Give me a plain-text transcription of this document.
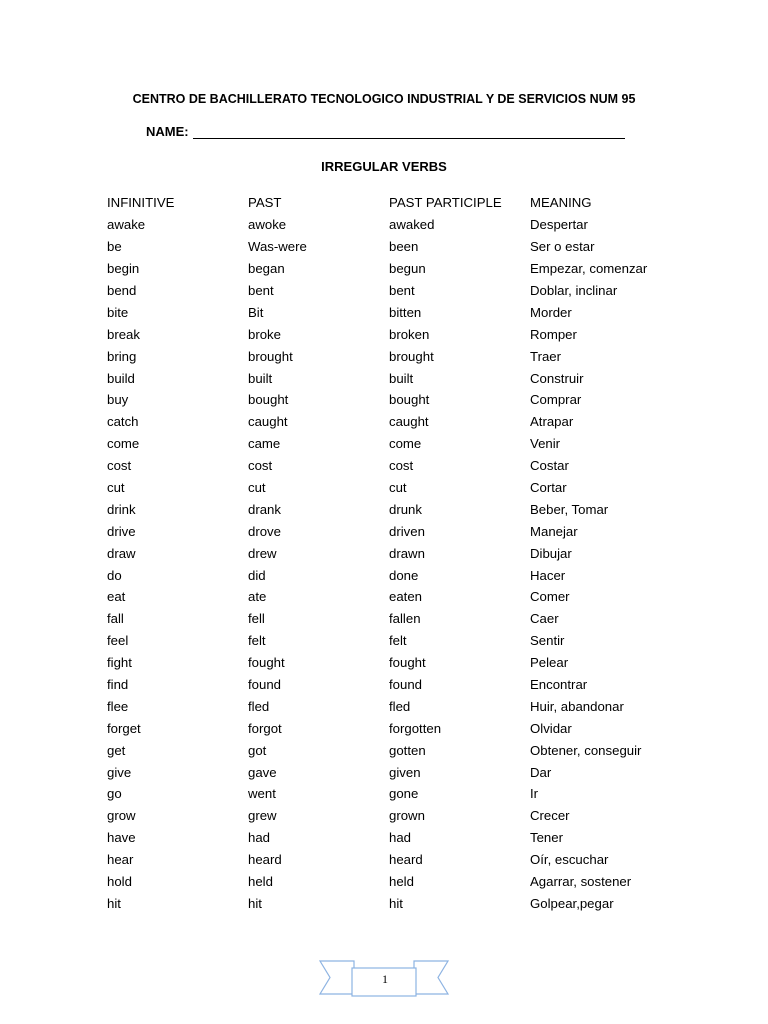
CENTRO DE BACHILLERATO TECNOLOGICO INDUSTRIAL Y DE SERVICIOS NUM 95
NAME:
IRREGULAR VERBS
INFINITIVE	PAST	PAST PARTICIPLE	MEANING
awake	awoke	awaked	Despertar
be	Was-were	been	Ser o estar
begin	began	begun	Empezar, comenzar
bend	bent	bent	Doblar, inclinar
bite	Bit	bitten	Morder
break	broke	broken	Romper
bring	brought	brought	Traer
build	built	built	Construir
buy	bought	bought	Comprar
catch	caught	caught	Atrapar
come	came	come	Venir
cost	cost	cost	Costar
cut	cut	cut	Cortar
drink	drank	drunk	Beber, Tomar
drive	drove	driven	Manejar
draw	drew	drawn	Dibujar
do	did	done	Hacer
eat	ate	eaten	Comer
fall	fell	fallen	Caer
feel	felt	felt	Sentir
fight	fought	fought	Pelear
find	found	found	Encontrar
flee	fled	fled	Huir, abandonar
forget	forgot	forgotten	Olvidar
get	got	gotten	Obtener, conseguir
give	gave	given	Dar
go	went	gone	Ir
grow	grew	grown	Crecer
have	had	had	Tener
hear	heard	heard	Oír, escuchar
hold	held	held	Agarrar, sostener
hit	hit	hit	Golpear,pegar
1
